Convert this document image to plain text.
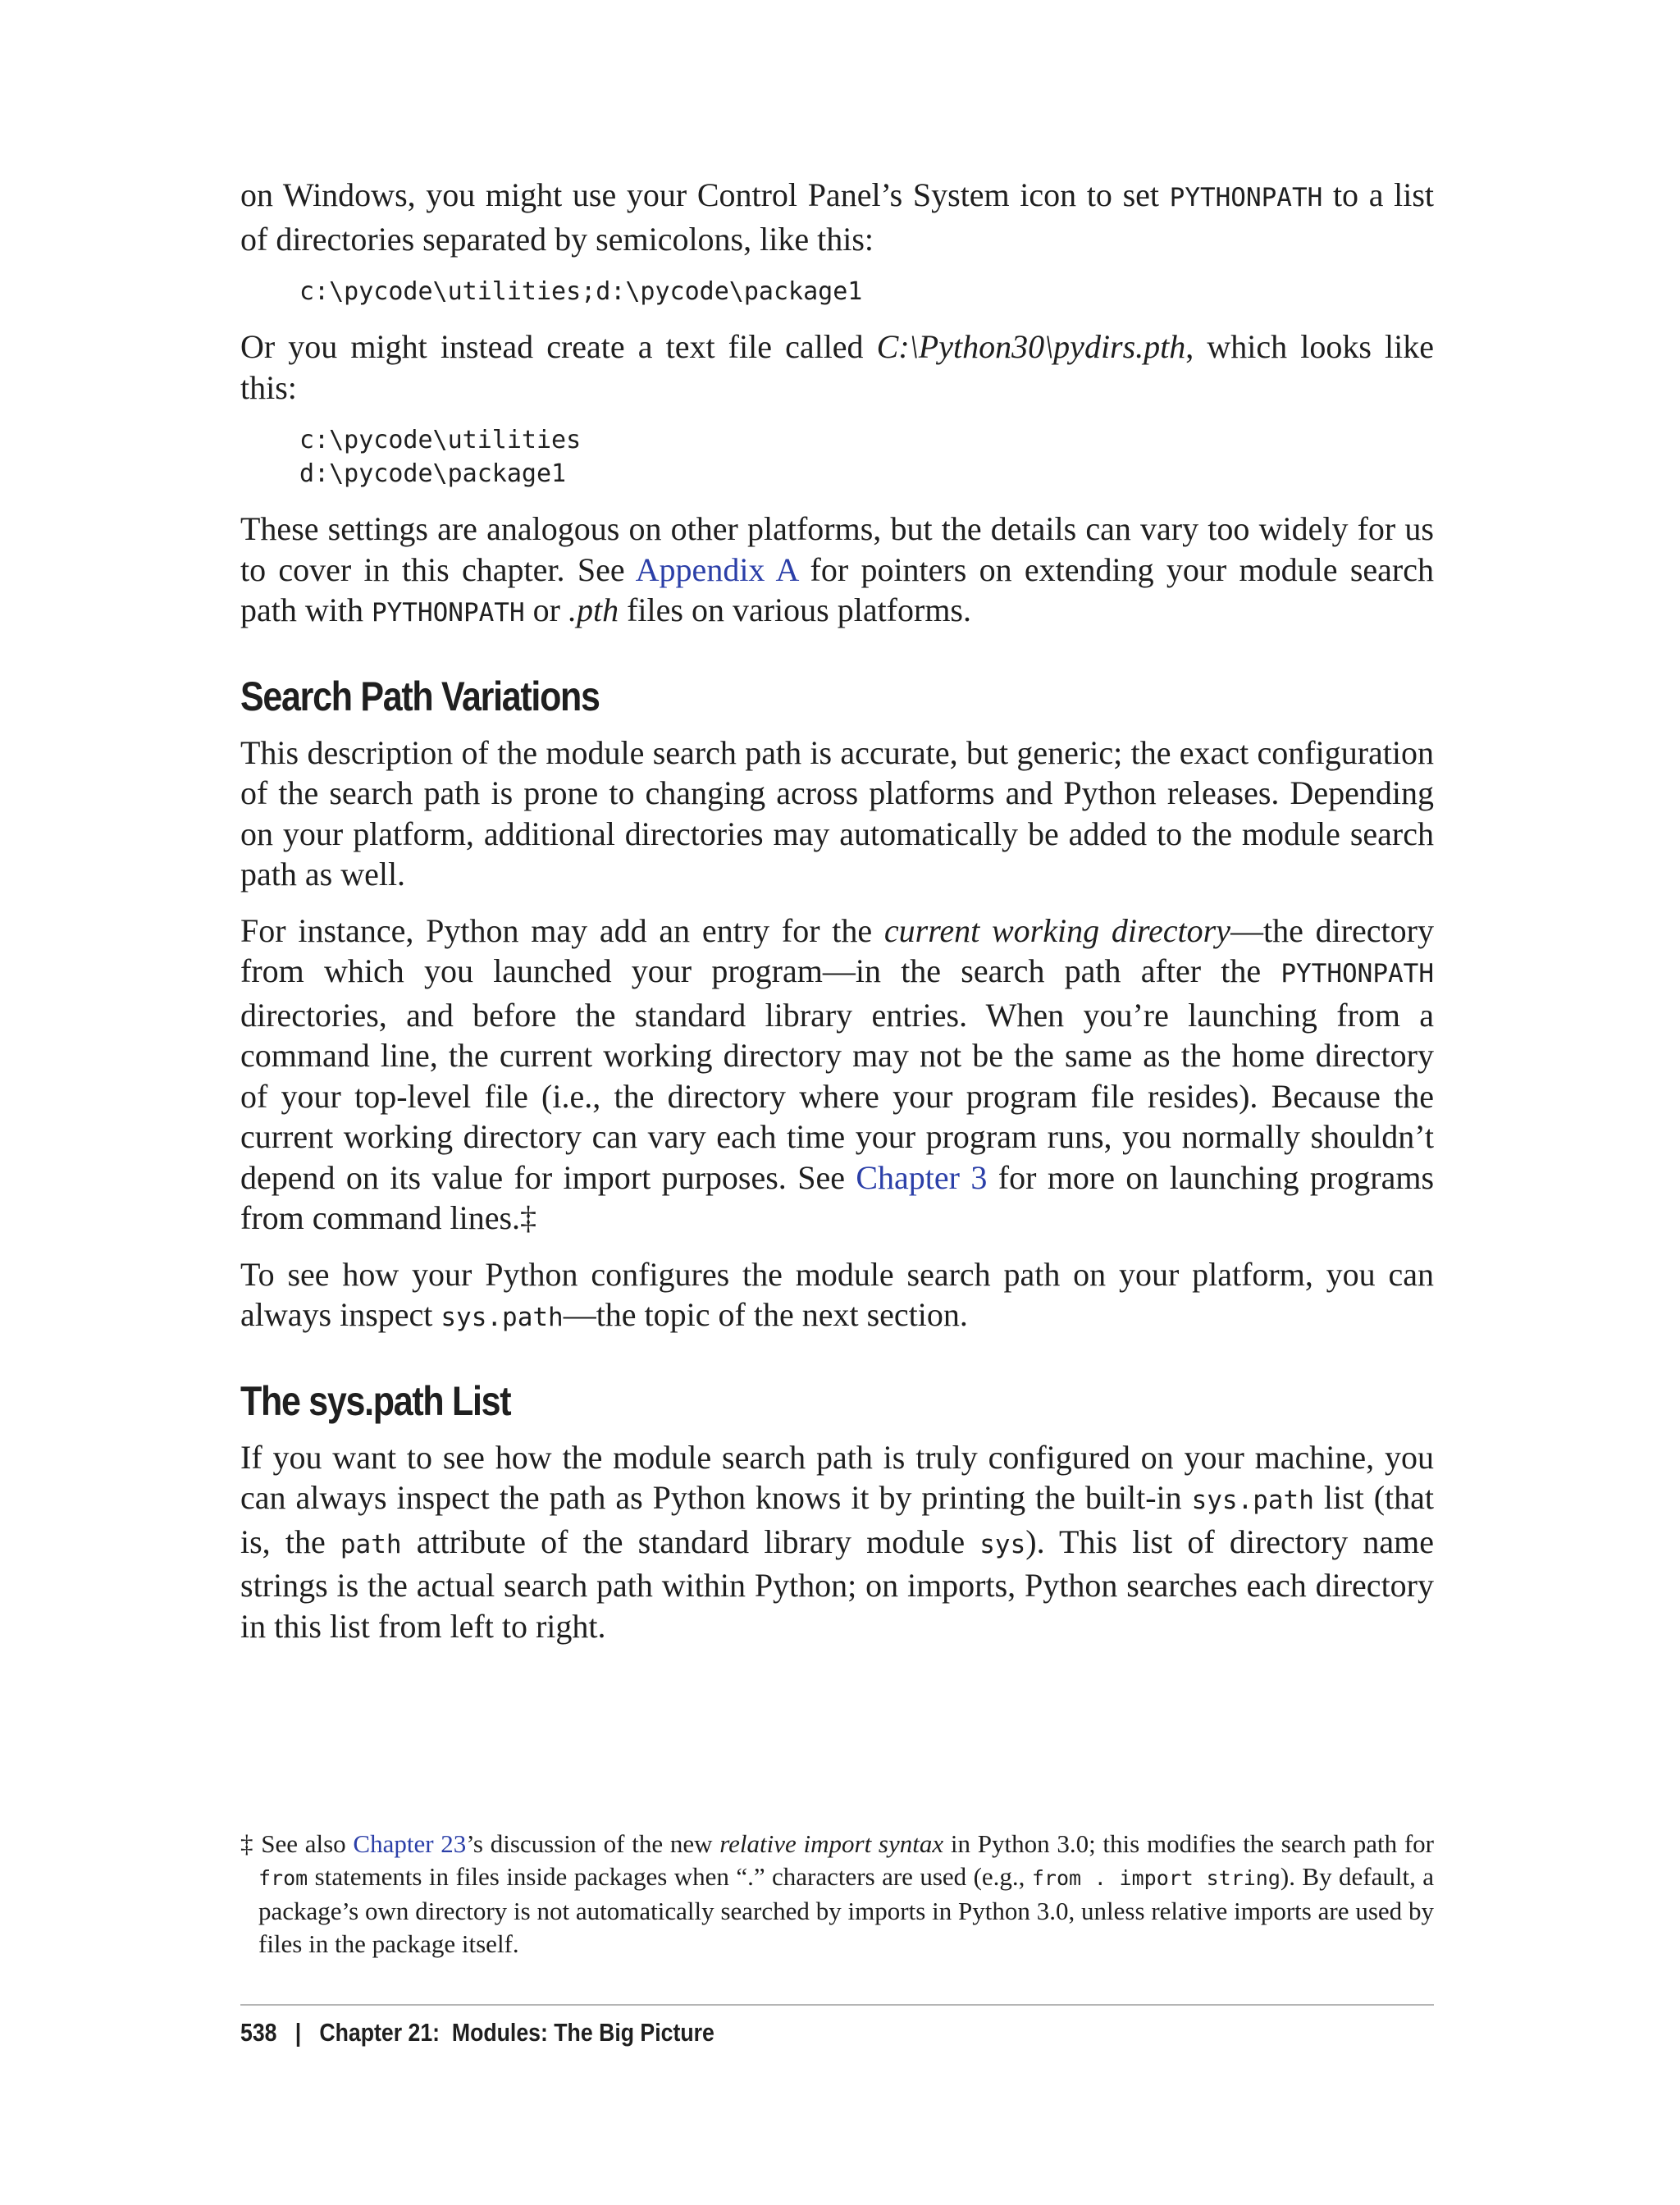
on Windows, you might use your Control Panel’s System icon to set PYTHONPATH to a list of directories separated by semicolons, like this:

c:\pycode\utilities;d:\pycode\package1

Or you might instead create a text file called C:\Python30\pydirs.pth, which looks like this:

c:\pycode\utilities
d:\pycode\package1

These settings are analogous on other platforms, but the details can vary too widely for us to cover in this chapter. See Appendix A for pointers on extending your module search path with PYTHONPATH or .pth files on various platforms.

Search Path Variations

This description of the module search path is accurate, but generic; the exact configuration of the search path is prone to changing across platforms and Python releases. Depending on your platform, additional directories may automatically be added to the module search path as well.

For instance, Python may add an entry for the current working directory—the directory from which you launched your program—in the search path after the PYTHONPATH directories, and before the standard library entries. When you’re launching from a command line, the current working directory may not be the same as the home directory of your top-level file (i.e., the directory where your program file resides). Because the current working directory can vary each time your program runs, you normally shouldn’t depend on its value for import purposes. See Chapter 3 for more on launching programs from command lines.‡

To see how your Python configures the module search path on your platform, you can always inspect sys.path—the topic of the next section.

The sys.path List

If you want to see how the module search path is truly configured on your machine, you can always inspect the path as Python knows it by printing the built-in sys.path list (that is, the path attribute of the standard library module sys). This list of directory name strings is the actual search path within Python; on imports, Python searches each directory in this list from left to right.

‡ See also Chapter 23’s discussion of the new relative import syntax in Python 3.0; this modifies the search path for from statements in files inside packages when “.” characters are used (e.g., from . import string). By default, a package’s own directory is not automatically searched by imports in Python 3.0, unless relative imports are used by files in the package itself.

538   |   Chapter 21:  Modules: The Big Picture
